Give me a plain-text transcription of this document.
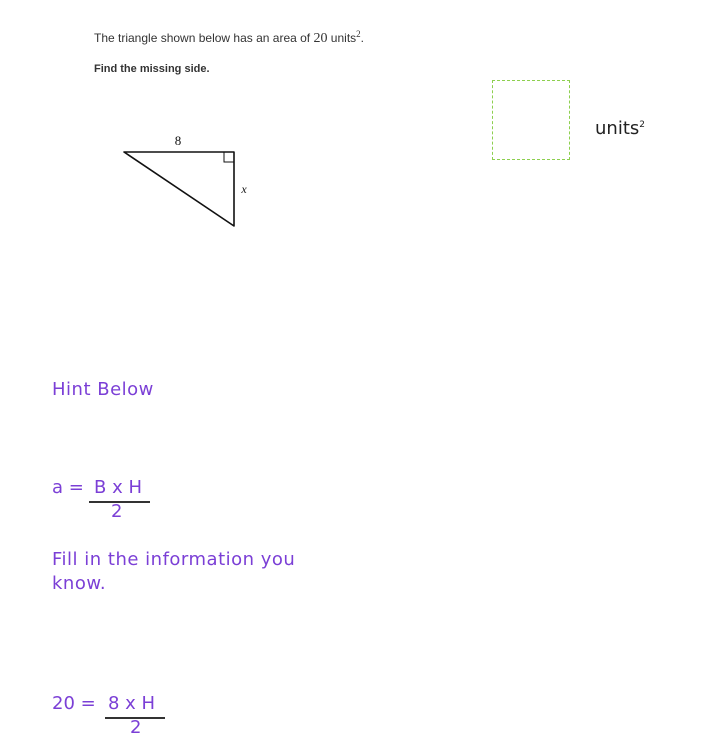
The triangle shown below has an area of 20 units$^2$.
Find the missing side.
8
x
units$^2$
Hint Below
a = B x H
2
Fill in the information you know.
20 = 8 x H
2
